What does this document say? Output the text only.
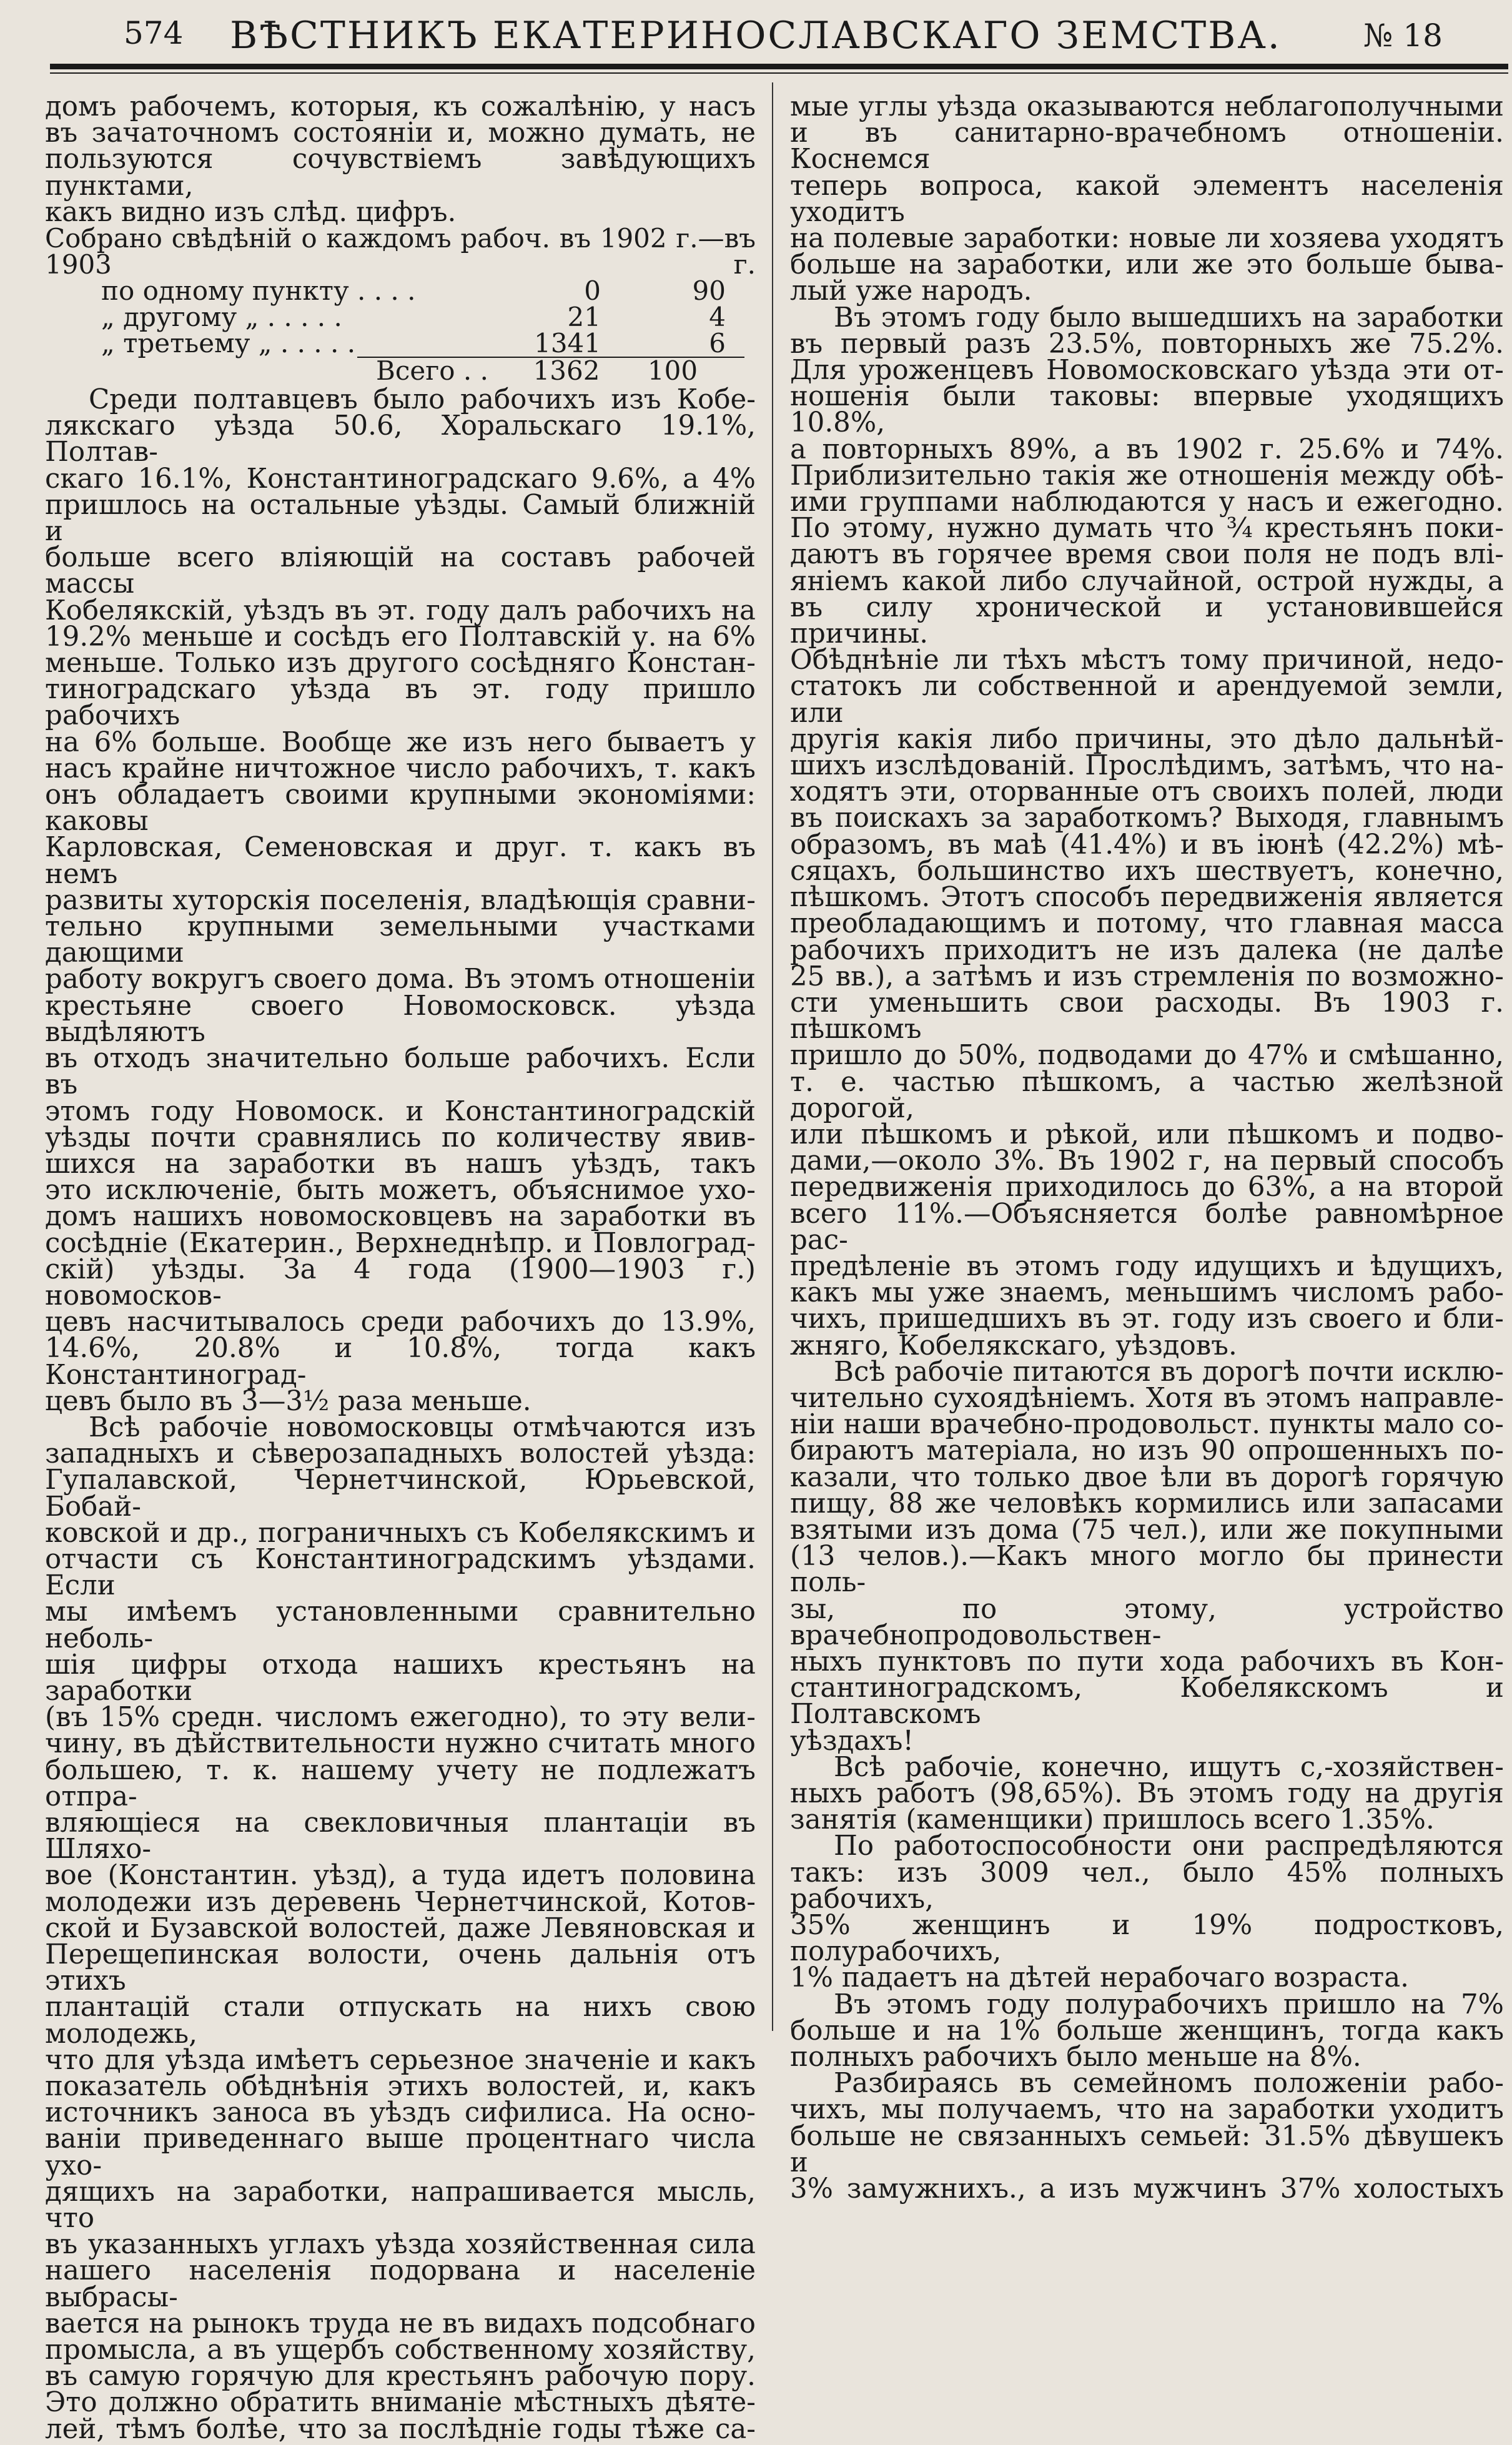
574	ВѢСТНИКЪ ЕКАТЕРИНОСЛАВСКАГО ЗЕМСТВА.	№ 18

домъ рабочемъ, которыя, къ сожалѣнію, у насъ

въ зачаточномъ состояніи и, можно думать, не

пользуются сочувствіемъ завѣдующихъ пунктами,

какъ видно изъ слѣд. цифръ.

Собрано свѣдѣній о каждомъ рабоч. въ 1902 г.—въ 1903 г.

по одному пункту . . . .	0	90
„ другому „ . . . . .	21	4
„ третьему „ . . . . .	1341	6
Всего . .	1362	100

Среди полтавцевъ было рабочихъ изъ Кобе-

лякскаго уѣзда 50.6, Хоральскаго 19.1%, Полтав-

скаго 16.1%, Константиноградскаго 9.6%, а 4%

пришлось на остальные уѣзды. Самый ближній и

больше всего вліяющій на составъ рабочей массы

Кобелякскій, уѣздъ въ эт. году далъ рабочихъ на

19.2% меньше и сосѣдъ его Полтавскій у. на 6%

меньше. Только изъ другого сосѣдняго Констан-

тиноградскаго уѣзда въ эт. году пришло рабочихъ

на 6% больше. Вообще же изъ него бываетъ у

насъ крайне ничтожное число рабочихъ, т. какъ

онъ обладаетъ своими крупными экономіями: каковы

Карловская, Семеновская и друг. т. какъ въ немъ

развиты хуторскія поселенія, владѣющія сравни-

тельно крупными земельными участками дающими

работу вокругъ своего дома. Въ этомъ отношеніи

крестьяне своего Новомосковск. уѣзда выдѣляютъ

въ отходъ значительно больше рабочихъ. Если въ

этомъ году Новомоск. и Константиноградскій

уѣзды почти сравнялись по количеству явив-

шихся на заработки въ нашъ уѣздъ, такъ

это исключеніе, быть можетъ, объяснимое ухо-

домъ нашихъ новомосковцевъ на заработки въ

сосѣдніе (Екатерин., Верхнеднѣпр. и Повлоград-

скій) уѣзды. За 4 года (1900—1903 г.) новомосков-

цевъ насчитывалось среди рабочихъ до 13.9%,

14.6%, 20.8% и 10.8%, тогда какъ Константиноград-

цевъ было въ 3—3½ раза меньше.

Всѣ рабочіе новомосковцы отмѣчаются изъ

западныхъ и сѣверозападныхъ волостей уѣзда:

Гупалавской, Чернетчинской, Юрьевской, Бобай-

ковской и др., пограничныхъ съ Кобелякскимъ и

отчасти съ Константиноградскимъ уѣздами. Если

мы имѣемъ установленными сравнительно неболь-

шія цифры отхода нашихъ крестьянъ на заработки

(въ 15% средн. числомъ ежегодно), то эту вели-

чину, въ дѣйствительности нужно считать много

большею, т. к. нашему учету не подлежатъ отпра-

вляющіеся на свекловичныя плантаціи въ Шляхо-

вое (Константин. уѣзд), а туда идетъ половина

молодежи изъ деревень Чернетчинской, Котов-

ской и Бузавской волостей, даже Левяновская и

Перещепинская волости, очень дальнія отъ этихъ

плантацій стали отпускать на нихъ свою молодежь,

что для уѣзда имѣетъ серьезное значеніе и какъ

показатель обѣднѣнія этихъ волостей, и, какъ

источникъ заноса въ уѣздъ сифилиса. На осно-

ваніи приведеннаго выше процентнаго числа ухо-

дящихъ на заработки, напрашивается мысль, что

въ указанныхъ углахъ уѣзда хозяйственная сила

нашего населенія подорвана и населеніе выбрасы-

вается на рынокъ труда не въ видахъ подсобнаго

промысла, а въ ущербъ собственному хозяйству,

въ самую горячую для крестьянъ рабочую пору.

Это должно обратить вниманіе мѣстныхъ дѣяте-

лей, тѣмъ болѣе, что за послѣдніе годы тѣже са-

мые углы уѣзда оказываются неблагополучными

и въ санитарно-врачебномъ отношеніи. Коснемся

теперь вопроса, какой элементъ населенія уходитъ

на полевые заработки: новые ли хозяева уходятъ

больше на заработки, или же это больше быва-

лый уже народъ.

Въ этомъ году было вышедшихъ на заработки

въ первый разъ 23.5%, повторныхъ же 75.2%.

Для уроженцевъ Новомосковскаго уѣзда эти от-

ношенія были таковы: впервые уходящихъ 10.8%,

а повторныхъ 89%, а въ 1902 г. 25.6% и 74%.

Приблизительно такія же отношенія между обѣ-

ими группами наблюдаются у насъ и ежегодно.

По этому, нужно думать что ¾ крестьянъ поки-

даютъ въ горячее время свои поля не подъ влі-

яніемъ какой либо случайной, острой нужды, а

въ силу хронической и установившейся причины.

Обѣднѣніе ли тѣхъ мѣстъ тому причиной, недо-

статокъ ли собственной и арендуемой земли, или

другія какія либо причины, это дѣло дальнѣй-

шихъ изслѣдованій. Прослѣдимъ, затѣмъ, что на-

ходятъ эти, оторванные отъ своихъ полей, люди

въ поискахъ за заработкомъ? Выходя, главнымъ

образомъ, въ маѣ (41.4%) и въ іюнѣ (42.2%) мѣ-

сяцахъ, большинство ихъ шествуетъ, конечно,

пѣшкомъ. Этотъ способъ передвиженія является

преобладающимъ и потому, что главная масса

рабочихъ приходитъ не изъ далека (не далѣе

25 вв.), а затѣмъ и изъ стремленія по возможно-

сти уменьшить свои расходы. Въ 1903 г. пѣшкомъ

пришло до 50%, подводами до 47% и смѣшанно,

т. е. частью пѣшкомъ, а частью желѣзной дорогой,

или пѣшкомъ и рѣкой, или пѣшкомъ и подво-

дами,—около 3%. Въ 1902 г, на первый способъ

передвиженія приходилось до 63%, а на второй

всего 11%.—Объясняется болѣе равномѣрное рас-

предѣленіе въ этомъ году идущихъ и ѣдущихъ,

какъ мы уже знаемъ, меньшимъ числомъ рабо-

чихъ, пришедшихъ въ эт. году изъ своего и бли-

жняго, Кобелякскаго, уѣздовъ.

Всѣ рабочіе питаются въ дорогѣ почти исклю-

чительно сухоядѣніемъ. Хотя въ этомъ направле-

ніи наши врачебно-продовольст. пункты мало со-

бираютъ матеріала, но изъ 90 опрошенныхъ по-

казали, что только двое ѣли въ дорогѣ горячую

пищу, 88 же человѣкъ кормились или запасами

взятыми изъ дома (75 чел.), или же покупными

(13 челов.).—Какъ много могло бы принести поль-

зы, по этому, устройство врачебнопродовольствен-

ныхъ пунктовъ по пути хода рабочихъ въ Кон-

стантиноградскомъ, Кобелякскомъ и Полтавскомъ

уѣздахъ!

Всѣ рабочіе, конечно, ищутъ с,-хозяйствен-

ныхъ работъ (98,65%). Въ этомъ году на другія

занятія (каменщики) пришлось всего 1.35%.

По работоспособности они распредѣляются

такъ: изъ 3009 чел., было 45% полныхъ рабочихъ,

35% женщинъ и 19% подростковъ, полурабочихъ,

1% падаетъ на дѣтей нерабочаго возраста.

Въ этомъ году полурабочихъ пришло на 7%

больше и на 1% больше женщинъ, тогда какъ

полныхъ рабочихъ было меньше на 8%.

Разбираясь въ семейномъ положеніи рабо-

чихъ, мы получаемъ, что на заработки уходитъ

больше не связанныхъ семьей: 31.5% дѣвушекъ и

3% замужнихъ., а изъ мужчинъ 37% холостыхъ
